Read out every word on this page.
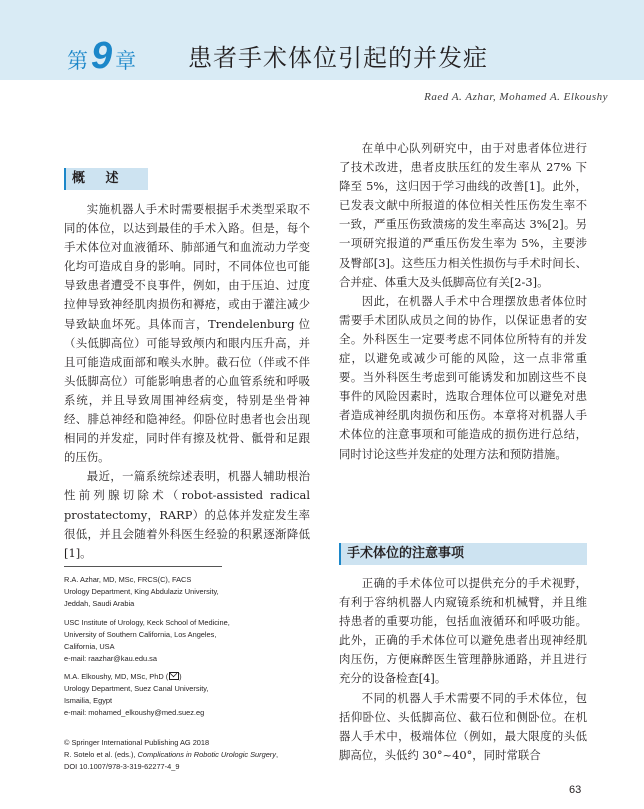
第 9 章 患者手术体位引起的并发症
Raed A. Azhar, Mohamed A. Elkoushy
概 述

实施机器人手术时需要根据手术类型采取不同的体位，以达到最佳的手术入路。但是，每个手术体位对血液循环、肺部通气和血流动力学变化均可造成自身的影响。同时，不同体位也可能导致患者遭受不良事件，例如，由于压迫、过度拉伸导致神经肌肉损伤和褥疮，或由于灌注减少导致缺血坏死。具体而言，Trendelenburg 位（头低脚高位）可能导致颅内和眼内压升高，并且可能造成面部和喉头水肿。截石位（伴或不伴头低脚高位）可能影响患者的心血管系统和呼吸系统，并且导致周围神经病变，特别是坐骨神经、腓总神经和隐神经。仰卧位时患者也会出现相同的并发症，同时伴有擦及枕骨、骶骨和足跟的压伤。

最近，一篇系统综述表明，机器人辅助根治性前列腺切除术（robot-assisted radical prostatectomy，RARP）的总体并发症发生率很低，并且会随着外科医生经验的积累逐渐降低[1]。

R.A. Azhar, MD, MSc, FRCS(C), FACS
Urology Department, King Abdulaziz University,
Jeddah, Saudi Arabia
USC Institute of Urology, Keck School of Medicine,
University of Southern California, Los Angeles,
California, USA
e-mail: raazhar@kau.edu.sa
M.A. Elkoushy, MD, MSc, PhD ( )
Urology Department, Suez Canal University,
Ismailia, Egypt
e-mail: mohamed_elkoushy@med.suez.eg
© Springer International Publishing AG 2018
R. Sotelo et al. (eds.), Complications in Robotic Urologic Surgery,
DOI 10.1007/978-3-319-62277-4_9

在单中心队列研究中，由于对患者体位进行了技术改进，患者皮肤压红的发生率从 27% 下降至 5%，这归因于学习曲线的改善[1]。此外，已发表文献中所报道的体位相关性压伤发生率不一致，严重压伤致溃疡的发生率高达 3%[2]。另一项研究报道的严重压伤发生率为 5%，主要涉及臀部[3]。这些压力相关性损伤与手术时间长、合并症、体重大及头低脚高位有关[2-3]。

因此，在机器人手术中合理摆放患者体位时需要手术团队成员之间的协作，以保证患者的安全。外科医生一定要考虑不同体位所特有的并发症，以避免或减少可能的风险，这一点非常重要。当外科医生考虑到可能诱发和加剧这些不良事件的风险因素时，选取合理体位可以避免对患者造成神经肌肉损伤和压伤。本章将对机器人手术体位的注意事项和可能造成的损伤进行总结，同时讨论这些并发症的处理方法和预防措施。

手术体位的注意事项

正确的手术体位可以提供充分的手术视野，有利于容纳机器人内窥镜系统和机械臂，并且维持患者的重要功能，包括血液循环和呼吸功能。此外，正确的手术体位可以避免患者出现神经肌肉压伤，方便麻醉医生管理静脉通路，并且进行充分的设备检查[4]。

不同的机器人手术需要不同的手术体位，包括仰卧位、头低脚高位、截石位和侧卧位。在机器人手术中，极端体位（例如，最大限度的头低脚高位，头低约 30°~40°，同时常联合

63
